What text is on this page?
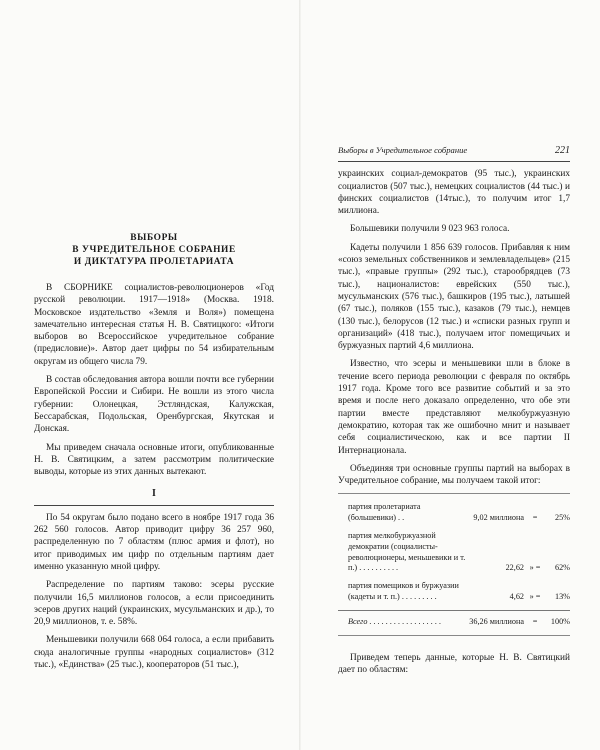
ВЫБОРЫ
В УЧРЕДИТЕЛЬНОЕ СОБРАНИЕ
И ДИКТАТУРА ПРОЛЕТАРИАТА

В СБОРНИКЕ социалистов-революционеров «Год русской революции. 1917—1918» (Москва. 1918. Московское издательство «Земля и Воля») помещена замечательно интересная статья Н. В. Святицкого: «Итоги выборов во Всероссийское учредительное собрание (предисловие)». Автор дает цифры по 54 избирательным округам из общего числа 79.

В состав обследования автора вошли почти все губернии Европейской России и Сибири. Не вошли из этого числа губернии: Олонецкая, Эстляндская, Калужская, Бессарабская, Подольская, Оренбургская, Якутская и Донская.

Мы приведем сначала основные итоги, опубликованные Н. В. Святицким, а затем рассмотрим политические выводы, которые из этих данных вытекают.

I

По 54 округам было подано всего в ноябре 1917 года 36 262 560 голосов. Автор приводит цифру 36 257 960, распределенную по 7 областям (плюс армия и флот), но итог приводимых им цифр по отдельным партиям дает именно указанную мной цифру.

Распределение по партиям таково: эсеры русские получили 16,5 миллионов голосов, а если присоединить эсеров других наций (украинских, мусульманских и др.), то 20,9 миллионов, т. е. 58%.

Меньшевики получили 668 064 голоса, а если прибавить сюда аналогичные группы «народных социалистов» (312 тыс.), «Единства» (25 тыс.), кооператоров (51 тыс.),

Выборы в Учредительное собрание	221

украинских социал-демократов (95 тыс.), украинских социалистов (507 тыс.), немецких социалистов (44 тыс.) и финских социалистов (14тыс.), то получим итог 1,7 миллиона.

Большевики получили 9 023 963 голоса.

Кадеты получили 1 856 639 голосов. Прибавляя к ним «союз земельных собственников и землевладельцев» (215 тыс.), «правые группы» (292 тыс.), старообрядцев (73 тыс.), националистов: еврейских (550 тыс.), мусульманских (576 тыс.), башкиров (195 тыс.), латышей (67 тыс.), поляков (155 тыс.), казаков (79 тыс.), немцев (130 тыс.), белорусов (12 тыс.) и «списки разных групп и организаций» (418 тыс.), получаем итог помещичьих и буржуазных партий 4,6 миллиона.

Известно, что эсеры и меньшевики шли в блоке в течение всего периода революции с февраля по октябрь 1917 года. Кроме того все развитие событий и за это время и после него доказало определенно, что обе эти партии вместе представляют мелкобуржуазную демократию, которая так же ошибочно мнит и называет себя социалистическою, как и все партии II Интернационала.

Объединяя три основные группы партий на выборах в Учредительное собрание, мы получаем такой итог:

партия пролетариата (большевики) . .	9,02 миллиона	=	25%
партия мелкобуржуазной демократии (социалисты-революционеры, меньшевики и т. п.) . . . . . . . . . .	22,62 » =	62%
партия помещиков и буржуазии (кадеты и т. п.) . . . . . . . . .	4,62 » =	13%
Всего . . . . . . . . . . . . . . . . . .	36,26 миллиона	=	100%

Приведем теперь данные, которые Н. В. Святицкий дает по областям:
